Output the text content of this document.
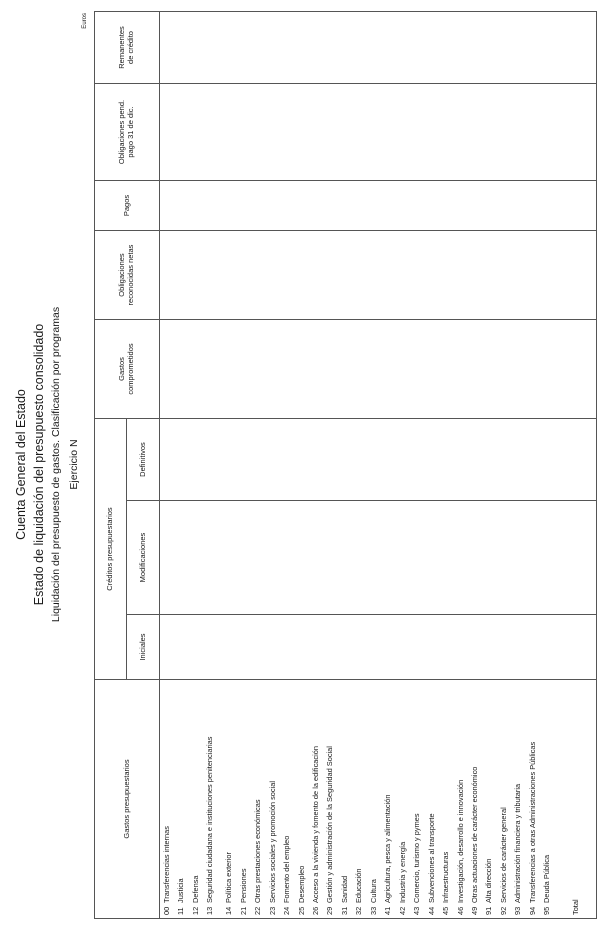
Cuenta General del Estado Estado de liquidación del presupuesto consolidado Liquidación del presupuesto de gastos. Clasificación por programas Ejercicio N
Euros
Gastos presupuestarios
Créditos presupuestarios
Iniciales
Modificaciones
Definitivos
Gastos comprometidos
Obligaciones reconocidas netas
Pagos
Obligaciones pend. pago 31 de dic.
Remanentes de crédito
00Transferencias internas
11Justicia
12Defensa
13Seguridad ciudadana e instituciones penitenciarias
14Política exterior
21Pensiones
22Otras prestaciones económicas
23Servicios sociales y promoción social
24Fomento del empleo
25Desempleo
26Acceso a la vivienda y fomento de la edificación
29Gestión y administración de la Seguridad Social
31Sanidad
32Educación
33Cultura
41Agricultura, pesca y alimentación
42Industria y energía
43Comercio, turismo y pymes
44Subvenciones al transporte
45Infraestructuras
46Investigación, desarrollo e innovación
49Otras actuaciones de carácter económico
91Alta dirección
92Servicios de carácter general
93Administración financiera y tributaria
94Transferencias a otras Administraciones Públicas
95Deuda Pública
Total
